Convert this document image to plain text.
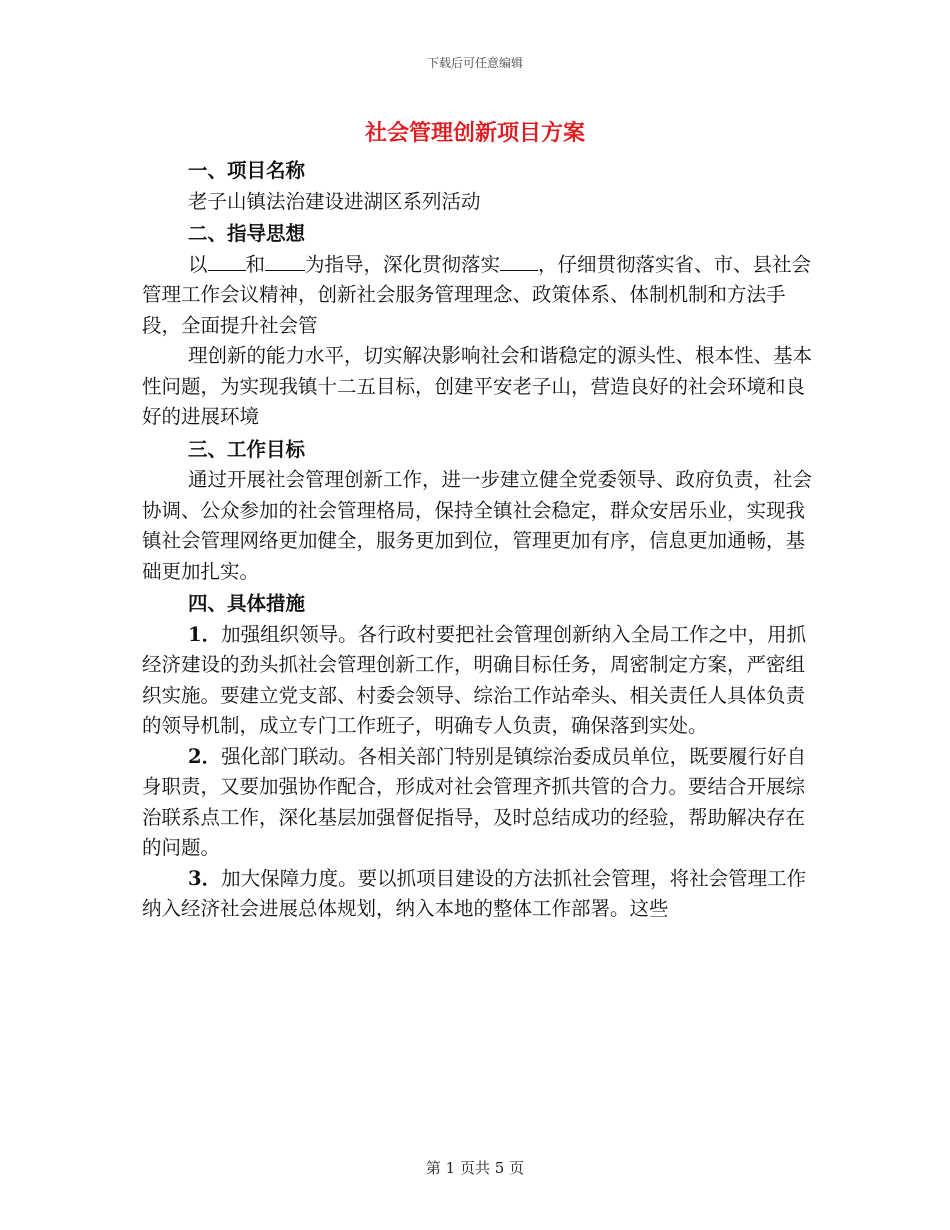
下载后可任意编辑
社会管理创新项目方案
一、项目名称
老子山镇法治建设进湖区系列活动
二、指导思想

以 和 为指导，深化贯彻落实 ，仔细贯彻落实省、市、县社会管理工作会议精神，创新社会服务管理理念、政策体系、体制机制和方法手段，全面提升社会管

理创新的能力水平，切实解决影响社会和谐稳定的源头性、根本性、基本性问题，为实现我镇十二五目标，创建平安老子山，营造良好的社会环境和良好的进展环境

三、工作目标

通过开展社会管理创新工作，进一步建立健全党委领导、政府负责，社会协调、公众参加的社会管理格局，保持全镇社会稳定，群众安居乐业，实现我镇社会管理网络更加健全，服务更加到位，管理更加有序，信息更加通畅，基础更加扎实。

四、具体措施

1．加强组织领导。各行政村要把社会管理创新纳入全局工作之中，用抓经济建设的劲头抓社会管理创新工作，明确目标任务，周密制定方案，严密组织实施。要建立党支部、村委会领导、综治工作站牵头、相关责任人具体负责的领导机制，成立专门工作班子，明确专人负责，确保落到实处。

2．强化部门联动。各相关部门特别是镇综治委成员单位，既要履行好自身职责，又要加强协作配合，形成对社会管理齐抓共管的合力。要结合开展综治联系点工作，深化基层加强督促指导，及时总结成功的经验，帮助解决存在的问题。

3．加大保障力度。要以抓项目建设的方法抓社会管理，将社会管理工作纳入经济社会进展总体规划，纳入本地的整体工作部署。这些

第 1 页共 5 页
